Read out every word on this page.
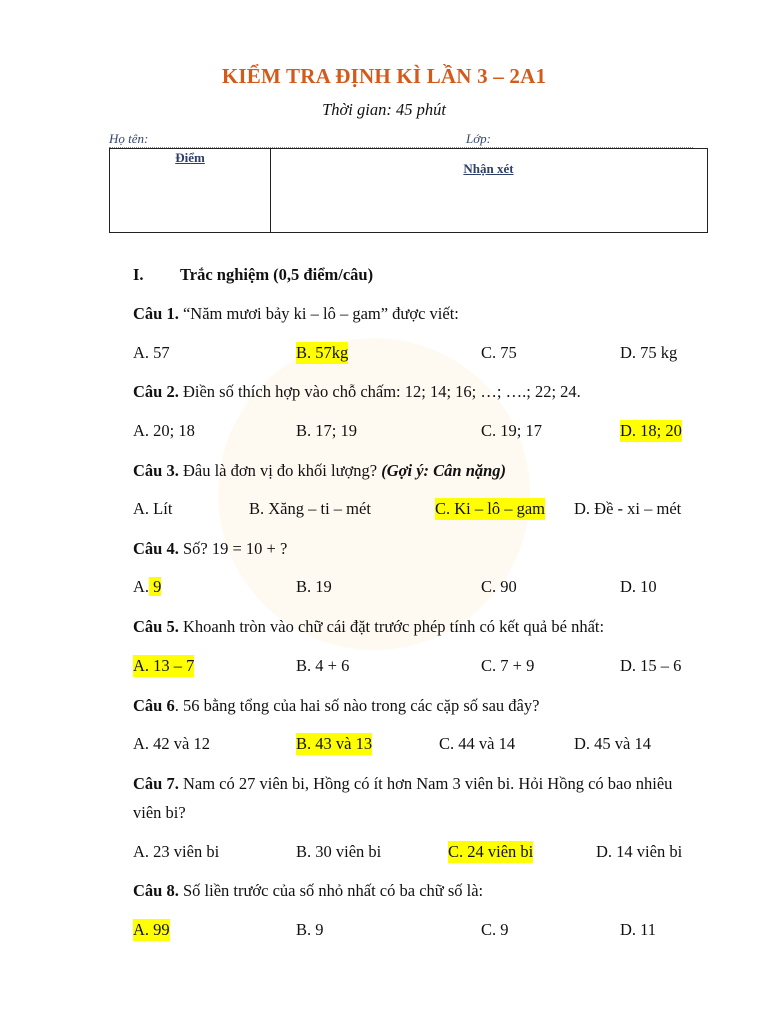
KIỂM TRA ĐỊNH KÌ LẦN 3 – 2A1
Thời gian: 45 phút
Họ tên:	Lớp:
Điểm
Nhận xét
I. Trắc nghiệm (0,5 điểm/câu)
Câu 1. “Năm mươi bảy ki – lô – gam” được viết:
A. 57	B. 57kg	C. 75	D. 75 kg
Câu 2. Điền số thích hợp vào chỗ chấm: 12; 14; 16; …; ….; 22; 24.
A. 20; 18	B. 17; 19	C. 19; 17	D. 18; 20
Câu 3. Đâu là đơn vị đo khối lượng? (Gợi ý: Cân nặng)
A. Lít	B. Xăng – ti – mét	C. Ki – lô – gam D. Đề - xi – mét
Câu 4. Số? 19 = 10 + ?
A. 9	B. 19	C. 90	D. 10
Câu 5. Khoanh tròn vào chữ cái đặt trước phép tính có kết quả bé nhất:
A. 13 – 7	B. 4 + 6	C. 7 + 9	D. 15 – 6
Câu 6. 56 bằng tổng của hai số nào trong các cặp số sau đây?
A. 42 và 12	B. 43 và 13	C. 44 và 14	D. 45 và 14
Câu 7. Nam có 27 viên bi, Hồng có ít hơn Nam 3 viên bi. Hỏi Hồng có bao nhiêu viên bi?
A. 23 viên bi	B. 30 viên bi	C. 24 viên bi	D. 14 viên bi
Câu 8. Số liền trước của số nhỏ nhất có ba chữ số là:
A. 99	B. 9	C. 9	D. 11
